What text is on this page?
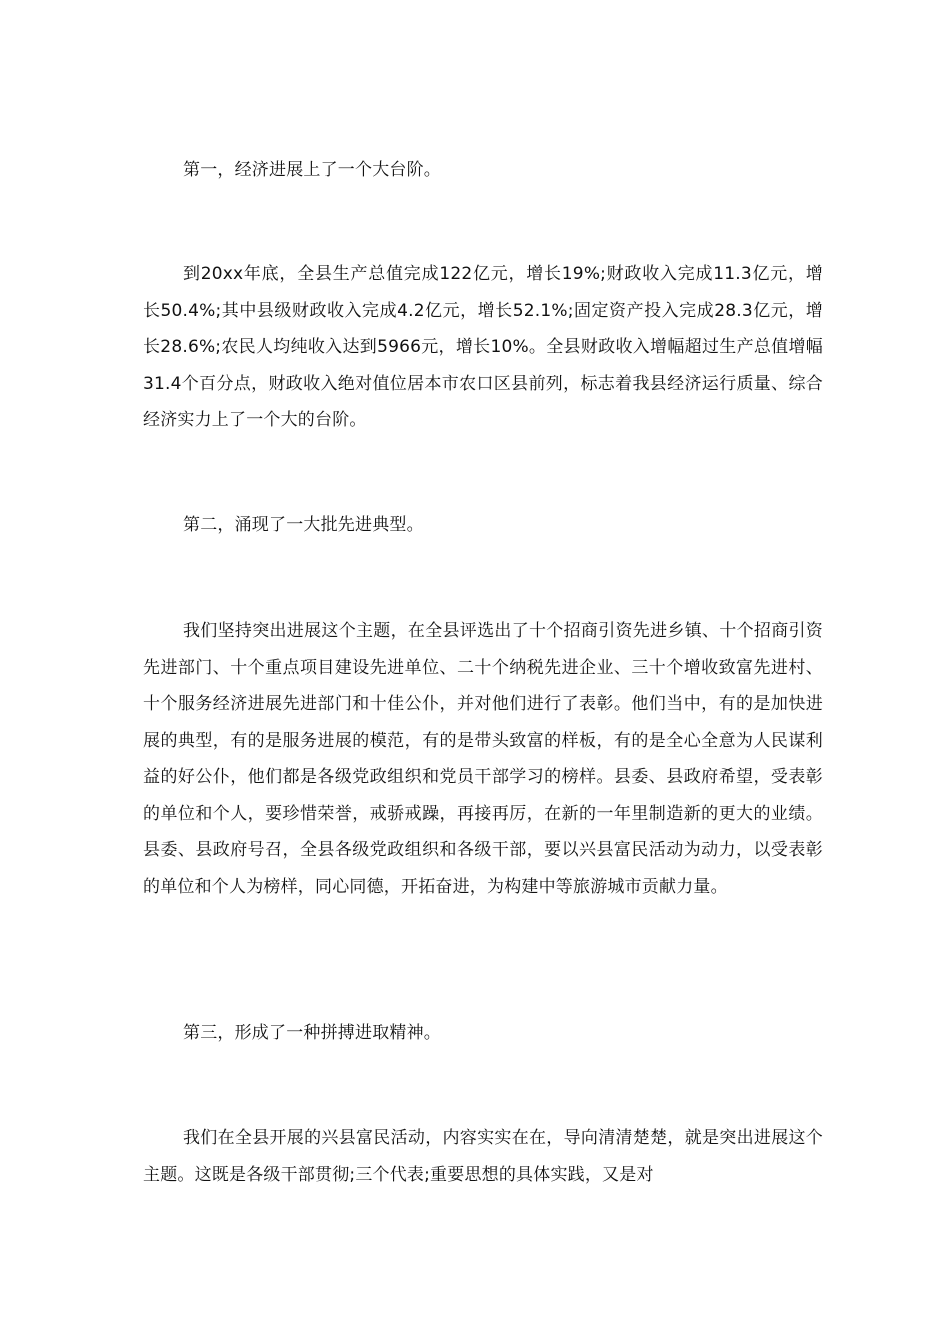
第一，经济进展上了一个大台阶。

到20xx年底，全县生产总值完成122亿元，增长19%;财政收入完成11.3亿元，增长50.4%;其中县级财政收入完成4.2亿元，增长52.1%;固定资产投入完成28.3亿元，增长28.6%;农民人均纯收入达到5966元，增长10%。全县财政收入增幅超过生产总值增幅31.4个百分点，财政收入绝对值位居本市农口区县前列，标志着我县经济运行质量、综合经济实力上了一个大的台阶。

第二，涌现了一大批先进典型。

我们坚持突出进展这个主题，在全县评选出了十个招商引资先进乡镇、十个招商引资先进部门、十个重点项目建设先进单位、二十个纳税先进企业、三十个增收致富先进村、十个服务经济进展先进部门和十佳公仆，并对他们进行了表彰。他们当中，有的是加快进展的典型，有的是服务进展的模范，有的是带头致富的样板，有的是全心全意为人民谋利益的好公仆，他们都是各级党政组织和党员干部学习的榜样。县委、县政府希望，受表彰的单位和个人，要珍惜荣誉，戒骄戒躁，再接再厉，在新的一年里制造新的更大的业绩。县委、县政府号召，全县各级党政组织和各级干部，要以兴县富民活动为动力，以受表彰的单位和个人为榜样，同心同德，开拓奋进，为构建中等旅游城市贡献力量。

第三，形成了一种拼搏进取精神。

我们在全县开展的兴县富民活动，内容实实在在，导向清清楚楚，就是突出进展这个主题。这既是各级干部贯彻;三个代表;重要思想的具体实践，又是对
